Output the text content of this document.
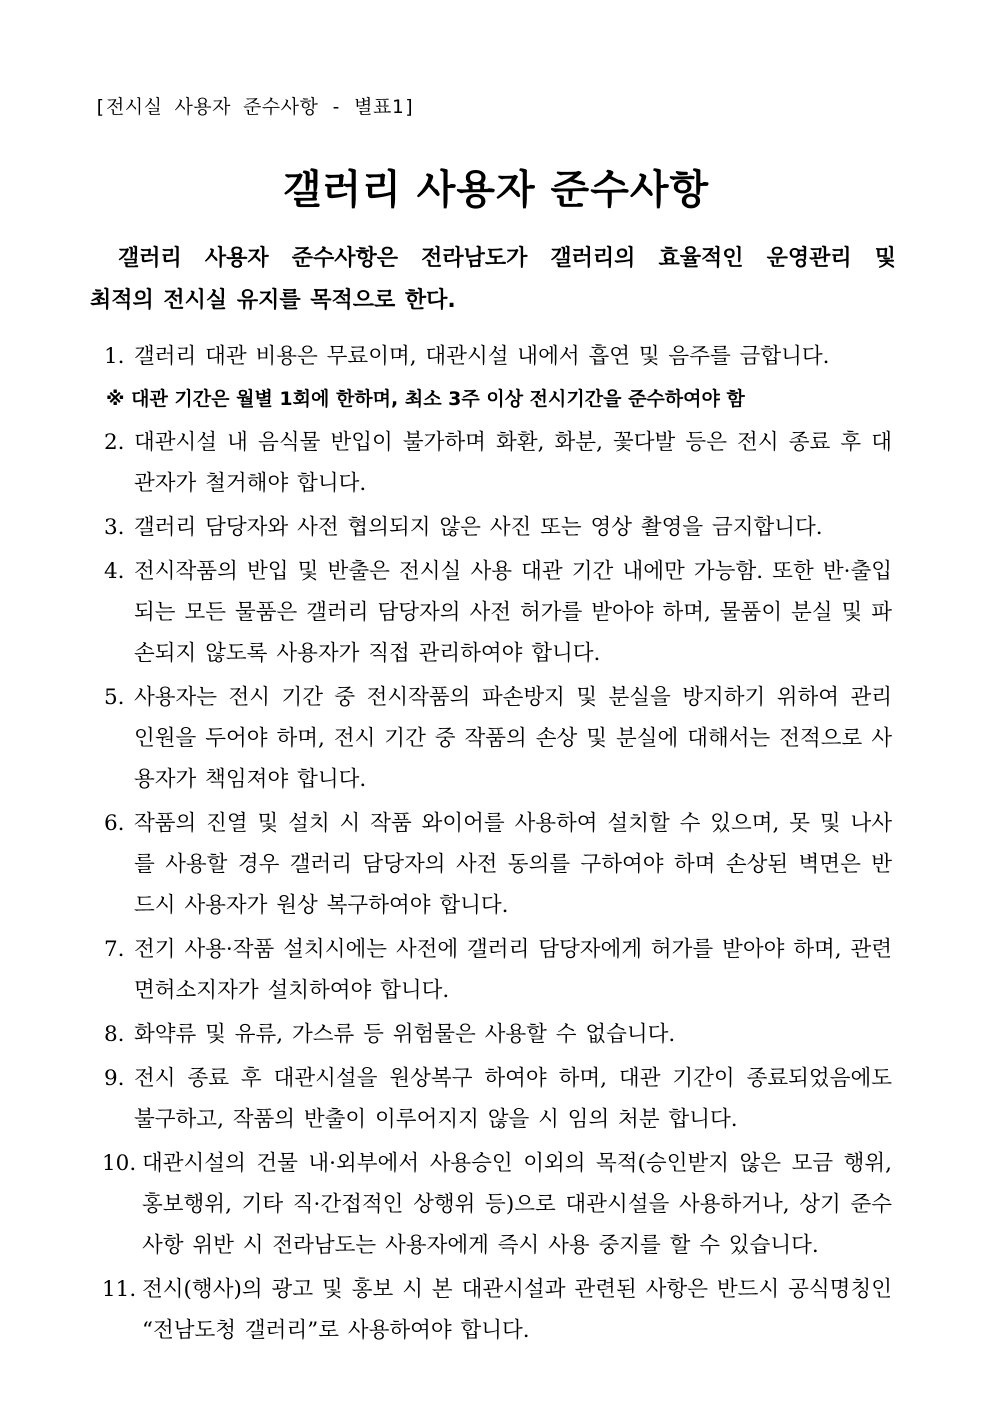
[전시실 사용자 준수사항 - 별표1]
갤러리 사용자 준수사항
갤러리 사용자 준수사항은 전라남도가 갤러리의 효율적인 운영관리 및
최적의 전시실 유지를 목적으로 한다.
1. 갤러리 대관 비용은 무료이며, 대관시설 내에서 흡연 및 음주를 금합니다.
※ 대관 기간은 월별 1회에 한하며, 최소 3주 이상 전시기간을 준수하여야 함
2. 대관시설 내 음식물 반입이 불가하며 화환, 화분, 꽃다발 등은 전시 종료 후 대관자가 철거해야 합니다.
3. 갤러리 담당자와 사전 협의되지 않은 사진 또는 영상 촬영을 금지합니다.
4. 전시작품의 반입 및 반출은 전시실 사용 대관 기간 내에만 가능함. 또한 반·출입되는 모든 물품은 갤러리 담당자의 사전 허가를 받아야 하며, 물품이 분실 및 파손되지 않도록 사용자가 직접 관리하여야 합니다.
5. 사용자는 전시 기간 중 전시작품의 파손방지 및 분실을 방지하기 위하여 관리 인원을 두어야 하며, 전시 기간 중 작품의 손상 및 분실에 대해서는 전적으로 사용자가 책임져야 합니다.
6. 작품의 진열 및 설치 시 작품 와이어를 사용하여 설치할 수 있으며, 못 및 나사를 사용할 경우 갤러리 담당자의 사전 동의를 구하여야 하며 손상된 벽면은 반드시 사용자가 원상 복구하여야 합니다.
7. 전기 사용·작품 설치시에는 사전에 갤러리 담당자에게 허가를 받아야 하며, 관련 면허소지자가 설치하여야 합니다.
8. 화약류 및 유류, 가스류 등 위험물은 사용할 수 없습니다.
9. 전시 종료 후 대관시설을 원상복구 하여야 하며, 대관 기간이 종료되었음에도 불구하고, 작품의 반출이 이루어지지 않을 시 임의 처분 합니다.
10. 대관시설의 건물 내·외부에서 사용승인 이외의 목적(승인받지 않은 모금 행위, 홍보행위, 기타 직·간접적인 상행위 등)으로 대관시설을 사용하거나, 상기 준수사항 위반 시 전라남도는 사용자에게 즉시 사용 중지를 할 수 있습니다.
11. 전시(행사)의 광고 및 홍보 시 본 대관시설과 관련된 사항은 반드시 공식명칭인 “전남도청 갤러리”로 사용하여야 합니다.
